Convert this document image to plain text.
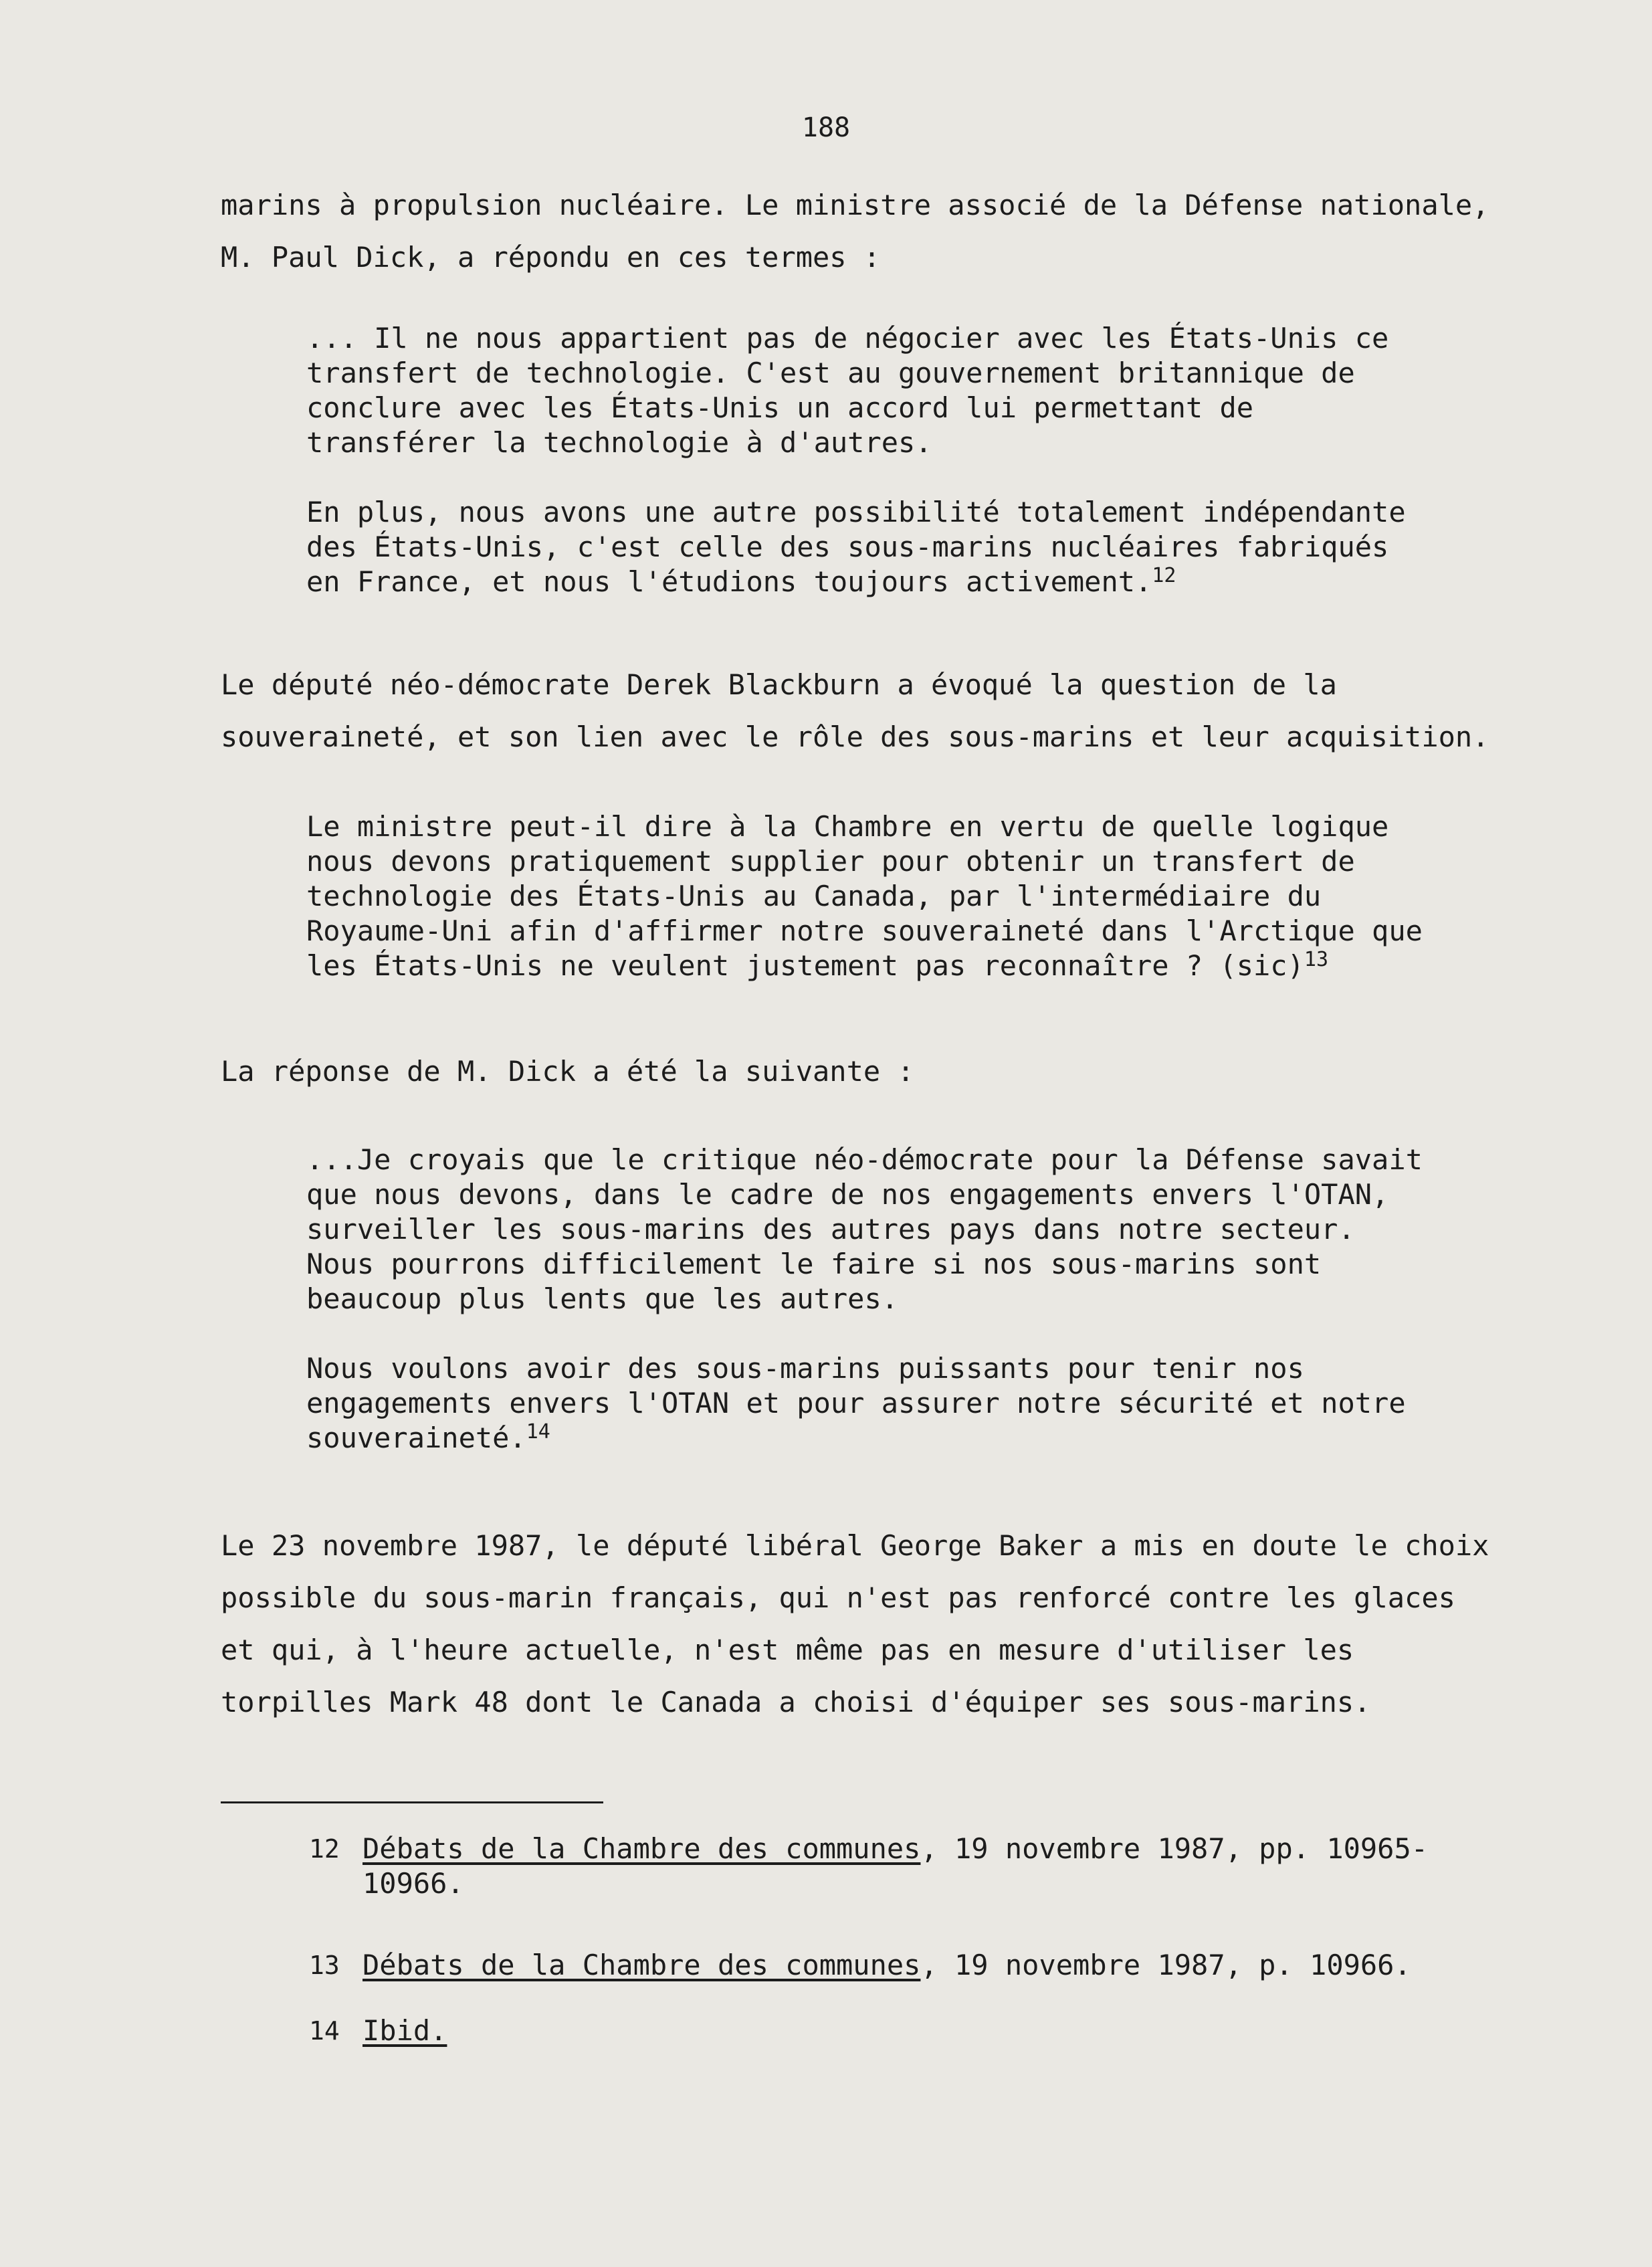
188

marins à propulsion nucléaire. Le ministre associé de la Défense nationale,
M. Paul Dick, a répondu en ces termes :

... Il ne nous appartient pas de négocier avec les États-Unis ce
transfert de technologie. C'est au gouvernement britannique de
conclure avec les États-Unis un accord lui permettant de
transférer la technologie à d'autres.

En plus, nous avons une autre possibilité totalement indépendante
des États-Unis, c'est celle des sous-marins nucléaires fabriqués
en France, et nous l'étudions toujours activement.$^{12}$

Le député néo-démocrate Derek Blackburn a évoqué la question de la
souveraineté, et son lien avec le rôle des sous-marins et leur acquisition.

Le ministre peut-il dire à la Chambre en vertu de quelle logique
nous devons pratiquement supplier pour obtenir un transfert de
technologie des États-Unis au Canada, par l'intermédiaire du
Royaume-Uni afin d'affirmer notre souveraineté dans l'Arctique que
les États-Unis ne veulent justement pas reconnaître ? (sic)$^{13}$

La réponse de M. Dick a été la suivante :

...Je croyais que le critique néo-démocrate pour la Défense savait
que nous devons, dans le cadre de nos engagements envers l'OTAN,
surveiller les sous-marins des autres pays dans notre secteur.
Nous pourrons difficilement le faire si nos sous-marins sont
beaucoup plus lents que les autres.

Nous voulons avoir des sous-marins puissants pour tenir nos
engagements envers l'OTAN et pour assurer notre sécurité et notre
souveraineté.$^{14}$

Le 23 novembre 1987, le député libéral George Baker a mis en doute le choix
possible du sous-marin français, qui n'est pas renforcé contre les glaces
et qui, à l'heure actuelle, n'est même pas en mesure d'utiliser les
torpilles Mark 48 dont le Canada a choisi d'équiper ses sous-marins.

12 Débats de la Chambre des communes, 19 novembre 1987, pp. 10965-
10966.
13 Débats de la Chambre des communes, 19 novembre 1987, p. 10966.
14 Ibid.
